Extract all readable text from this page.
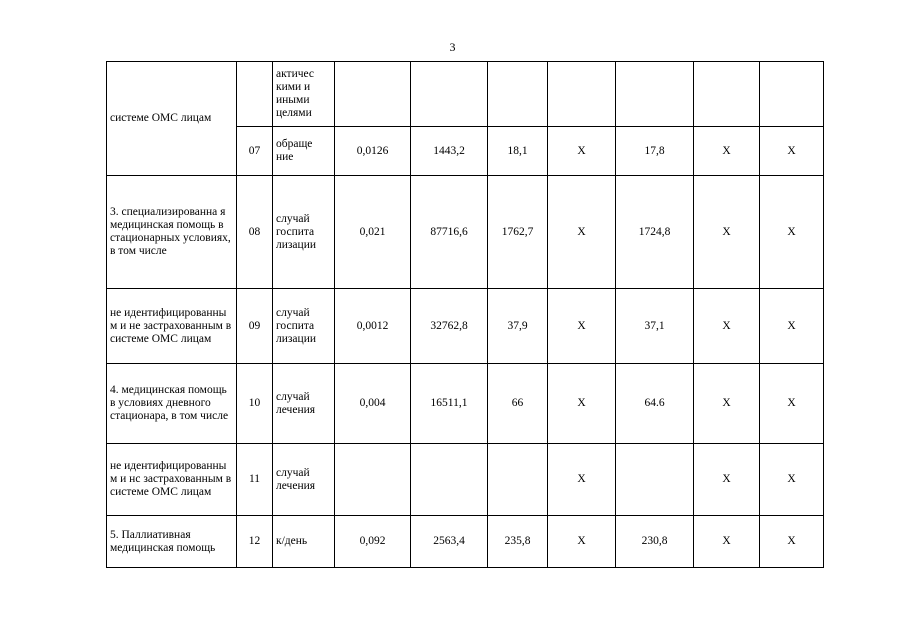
3
системе ОМС лицам		актичес кими и иными целями							
	07	обраще ние	0,0126	1443,2	18,1	X	17,8	X	X
3. специализированна я медицинская помощь в стационарных условиях, в том числе	08	случай госпита лизации	0,021	87716,6	1762,7	X	1724,8	X	X
не идентифицированны м и не застрахованным в системе ОМС лицам	09	случай госпита лизации	0,0012	32762,8	37,9	X	37,1	X	X
4. медицинская помощь в условиях дневного стационара, в том числе	10	случай лечения	0,004	16511,1	66	X	64.6	X	X
не идентифицированны м и нс застрахованным в системе ОМС лицам	11	случай лечения				X		X	X
5. Паллиативная медицинская помощь	12	к/день	0,092	2563,4	235,8	X	230,8	X	X
